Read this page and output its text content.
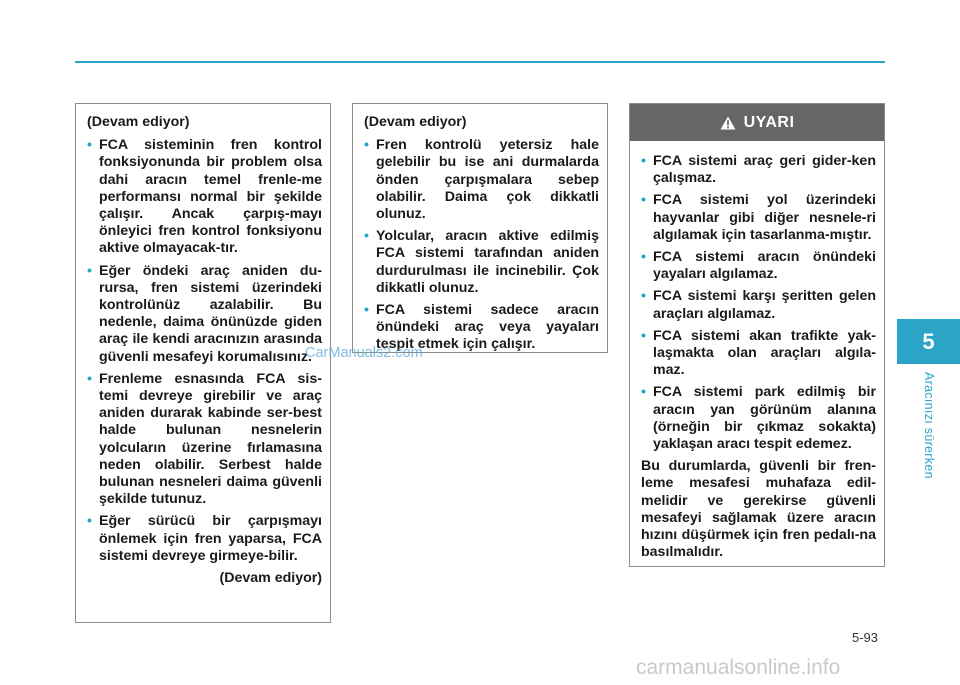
(Devam ediyor)
• FCA sisteminin fren kontrol fonksiyonunda bir problem olsa dahi aracın temel frenle-me performansı normal bir şekilde çalışır. Ancak çarpış-mayı önleyici fren kontrol fonksiyonu aktive olmayacak-tır.
• Eğer öndeki araç aniden du-rursa, fren sistemi üzerindeki kontrolünüz azalabilir. Bu nedenle, daima önünüzde giden araç ile kendi aracınızın arasında güvenli mesafeyi korumalısınız.
• Frenleme esnasında FCA sis-temi devreye girebilir ve araç aniden durarak kabinde ser-best halde bulunan nesnelerin yolcuların üzerine fırlamasına neden olabilir. Serbest halde bulunan nesneleri daima güvenli şekilde tutunuz.
• Eğer sürücü bir çarpışmayı önlemek için fren yaparsa, FCA sistemi devreye girmeye-bilir.
(Devam ediyor)
(Devam ediyor)
• Fren kontrolü yetersiz hale gelebilir bu ise ani durmalarda önden çarpışmalara sebep olabilir. Daima çok dikkatli olunuz.
• Yolcular, aracın aktive edilmiş FCA sistemi tarafından aniden durdurulması ile incinebilir. Çok dikkatli olunuz.
• FCA sistemi sadece aracın önündeki araç veya yayaları tespit etmek için çalışır.
UYARI
• FCA sistemi araç geri gider-ken çalışmaz.
• FCA sistemi yol üzerindeki hayvanlar gibi diğer nesnele-ri algılamak için tasarlanma-mıştır.
• FCA sistemi aracın önündeki yayaları algılamaz.
• FCA sistemi karşı şeritten gelen araçları algılamaz.
• FCA sistemi akan trafikte yak-laşmakta olan araçları algıla-maz.
• FCA sistemi park edilmiş bir aracın yan görünüm alanına (örneğin bir çıkmaz sokakta) yaklaşan aracı tespit edemez.
Bu durumlarda, güvenli bir fren-leme mesafesi muhafaza edil-melidir ve gerekirse güvenli mesafeyi sağlamak üzere aracın hızını düşürmek için fren pedalı-na basılmalıdır.
5
Aracınızı sürerken
CarManuals2.com
5-93
carmanualsonline.info
